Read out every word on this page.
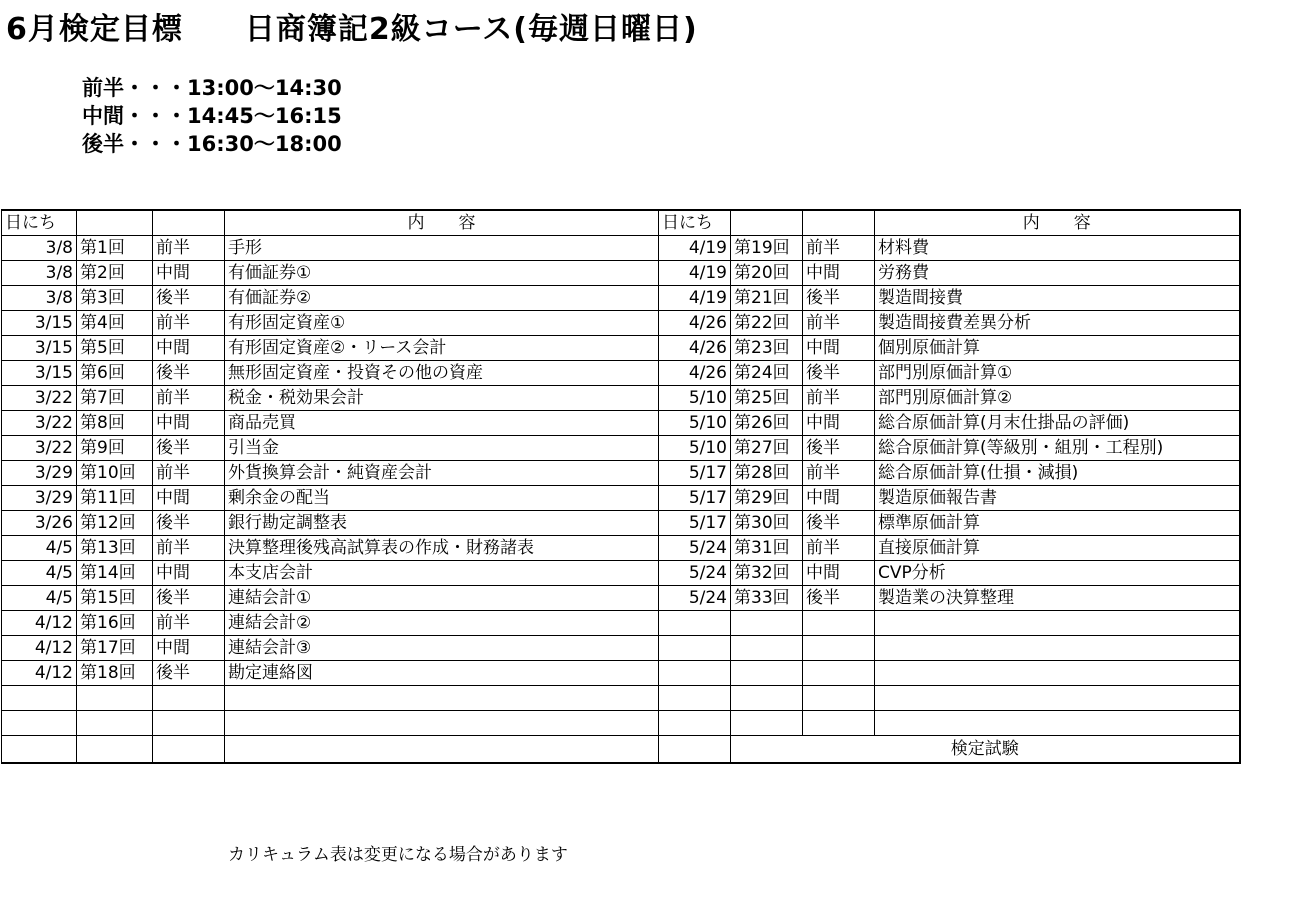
6月検定目標　　日商簿記2級コース(毎週日曜日)
前半・・・13:00～14:30
中間・・・14:45～16:15
後半・・・16:30～18:00
日にち			内　　容	日にち			内　　容
3/8	第1回	前半	手形	4/19	第19回	前半	材料費
3/8	第2回	中間	有価証券①	4/19	第20回	中間	労務費
3/8	第3回	後半	有価証券②	4/19	第21回	後半	製造間接費
3/15	第4回	前半	有形固定資産①	4/26	第22回	前半	製造間接費差異分析
3/15	第5回	中間	有形固定資産②・リース会計	4/26	第23回	中間	個別原価計算
3/15	第6回	後半	無形固定資産・投資その他の資産	4/26	第24回	後半	部門別原価計算①
3/22	第7回	前半	税金・税効果会計	5/10	第25回	前半	部門別原価計算②
3/22	第8回	中間	商品売買	5/10	第26回	中間	総合原価計算(月末仕掛品の評価)
3/22	第9回	後半	引当金	5/10	第27回	後半	総合原価計算(等級別・組別・工程別)
3/29	第10回	前半	外貨換算会計・純資産会計	5/17	第28回	前半	総合原価計算(仕損・減損)
3/29	第11回	中間	剰余金の配当	5/17	第29回	中間	製造原価報告書
3/26	第12回	後半	銀行勘定調整表	5/17	第30回	後半	標準原価計算
4/5	第13回	前半	決算整理後残高試算表の作成・財務諸表	5/24	第31回	前半	直接原価計算
4/5	第14回	中間	本支店会計	5/24	第32回	中間	CVP分析
4/5	第15回	後半	連結会計①	5/24	第33回	後半	製造業の決算整理
4/12	第16回	前半	連結会計②				
4/12	第17回	中間	連結会計③				
4/12	第18回	後半	勘定連絡図				

					検定試験		
カリキュラム表は変更になる場合があります
